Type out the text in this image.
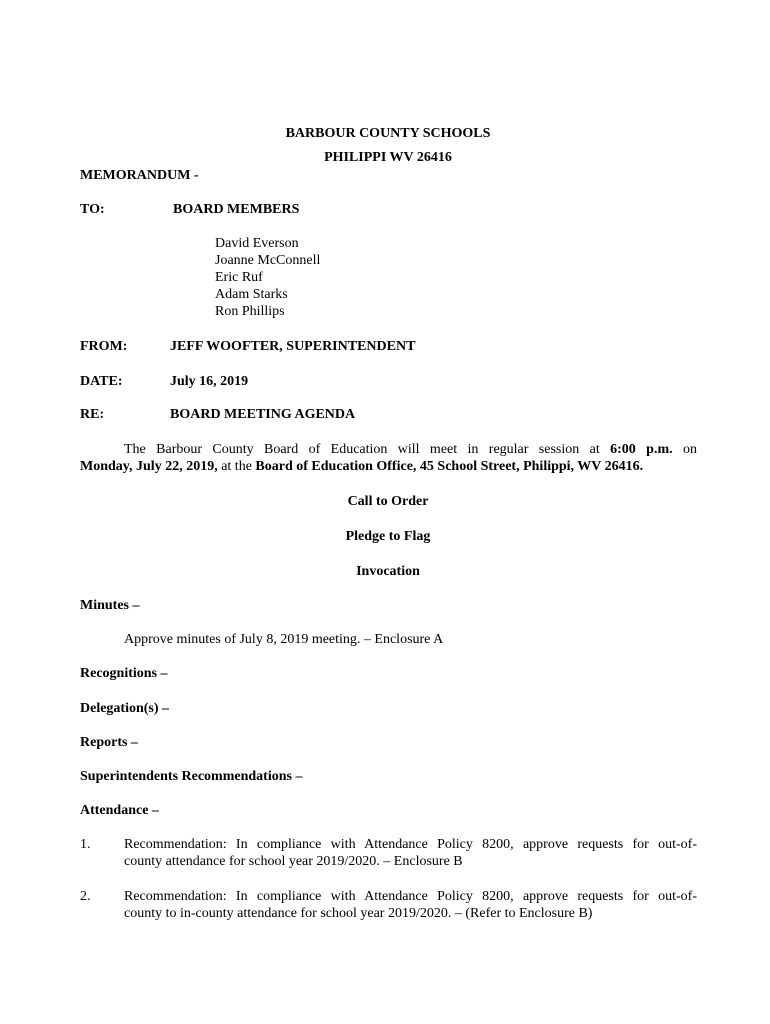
BARBOUR COUNTY SCHOOLS
PHILIPPI WV 26416
MEMORANDUM -
TO:	BOARD MEMBERS
David Everson
Joanne McConnell
Eric Ruf
Adam Starks
Ron Phillips
FROM:	JEFF WOOFTER, SUPERINTENDENT
DATE:	July 16, 2019
RE:	BOARD MEETING AGENDA
The Barbour County Board of Education will meet in regular session at 6:00 p.m. on
Monday, July 22, 2019, at the Board of Education Office, 45 School Street, Philippi, WV 26416.
Call to Order
Pledge to Flag
Invocation
Minutes –
Approve minutes of July 8, 2019 meeting. – Enclosure A
Recognitions –
Delegation(s) –
Reports –
Superintendents Recommendations –
Attendance –
1. Recommendation: In compliance with Attendance Policy 8200, approve requests for out-of-
county attendance for school year 2019/2020. – Enclosure B
2. Recommendation: In compliance with Attendance Policy 8200, approve requests for out-of-
county to in-county attendance for school year 2019/2020. – (Refer to Enclosure B)
